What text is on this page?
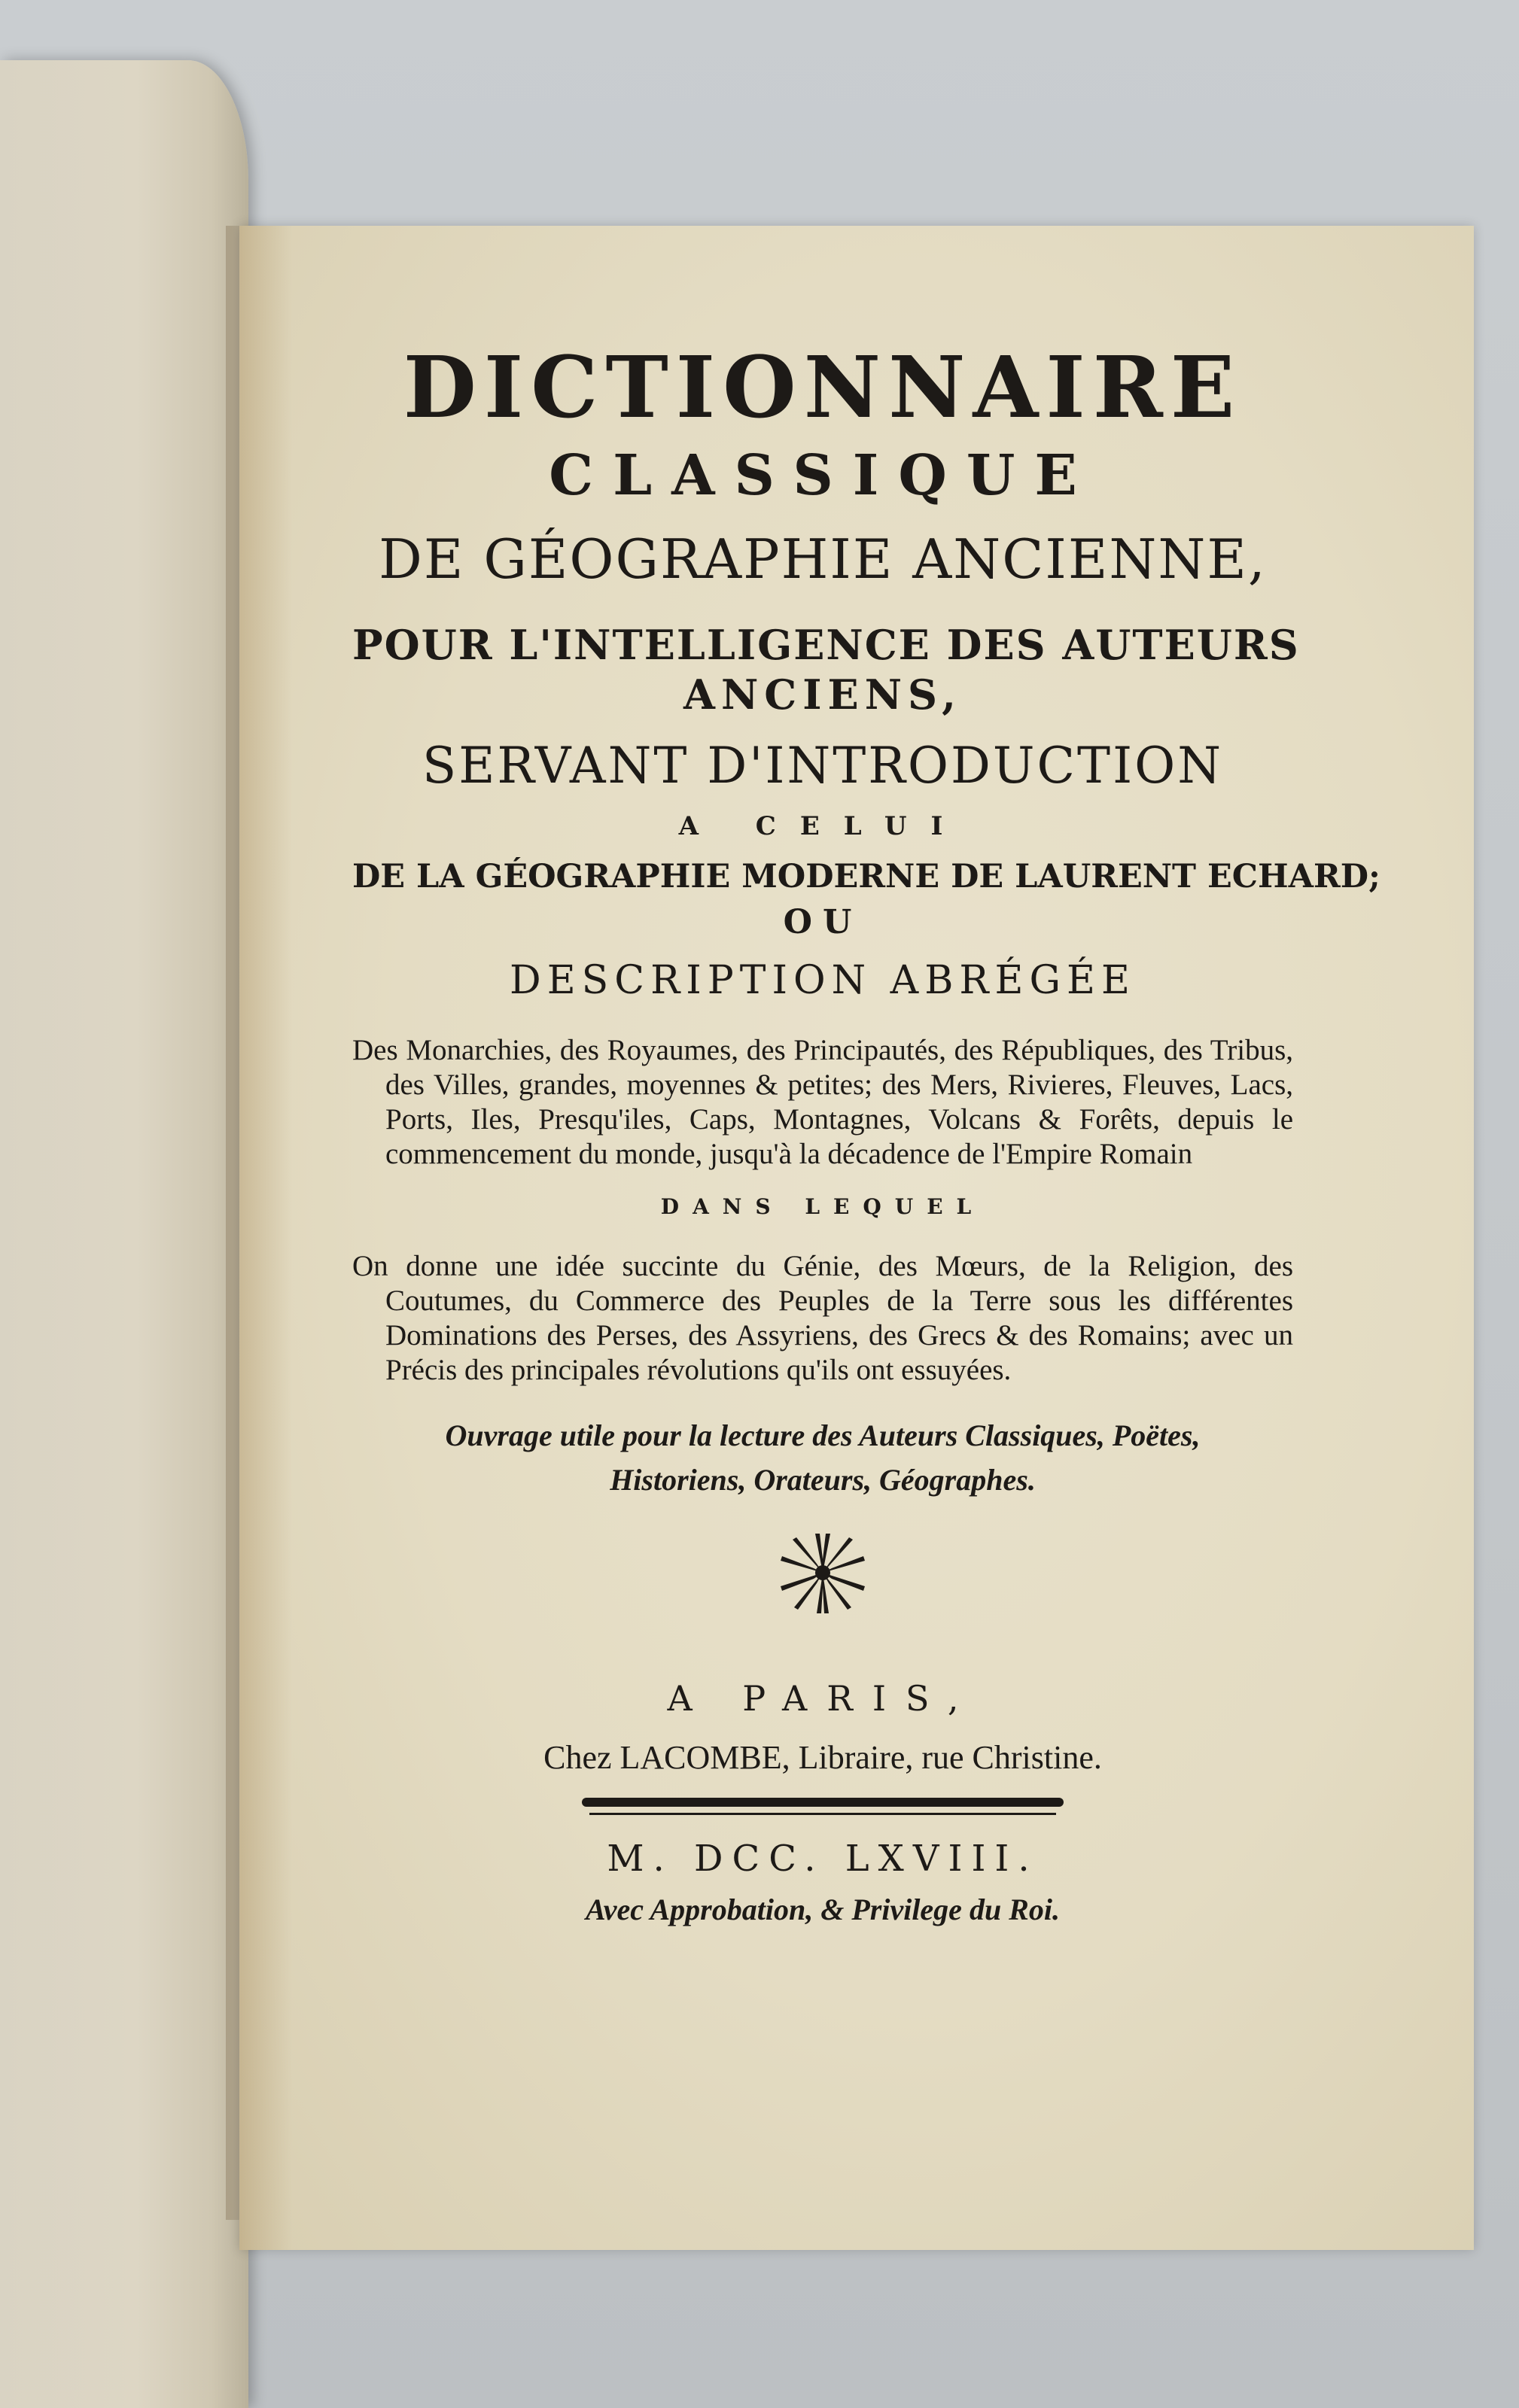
DICTIONNAIRE
CLASSIQUE
DE GÉOGRAPHIE ANCIENNE,
POUR L'INTELLIGENCE DES AUTEURS
ANCIENS,
SERVANT D'INTRODUCTION
A CELUI
DE LA GÉOGRAPHIE MODERNE DE LAURENT ECHARD;
OU
DESCRIPTION ABRÉGÉE
Des Monarchies, des Royaumes, des Principautés, des Républiques, des Tribus, des Villes, grandes, moyennes & petites; des Mers, Rivieres, Fleuves, Lacs, Ports, Iles, Presqu'iles, Caps, Montagnes, Volcans & Forêts, depuis le commencement du monde, jusqu'à la décadence de l'Empire Romain
DANS LEQUEL
On donne une idée succinte du Génie, des Mœurs, de la Religion, des Coutumes, du Commerce des Peuples de la Terre sous les différentes Dominations des Perses, des Assyriens, des Grecs & des Romains; avec un Précis des principales révolutions qu'ils ont essuyées.
Ouvrage utile pour la lecture des Auteurs Classiques, Poëtes,
Historiens, Orateurs, Géographes.
A PARIS,
Chez LACOMBE, Libraire, rue Christine.
M. DCC. LXVIII.
Avec Approbation, & Privilege du Roi.
